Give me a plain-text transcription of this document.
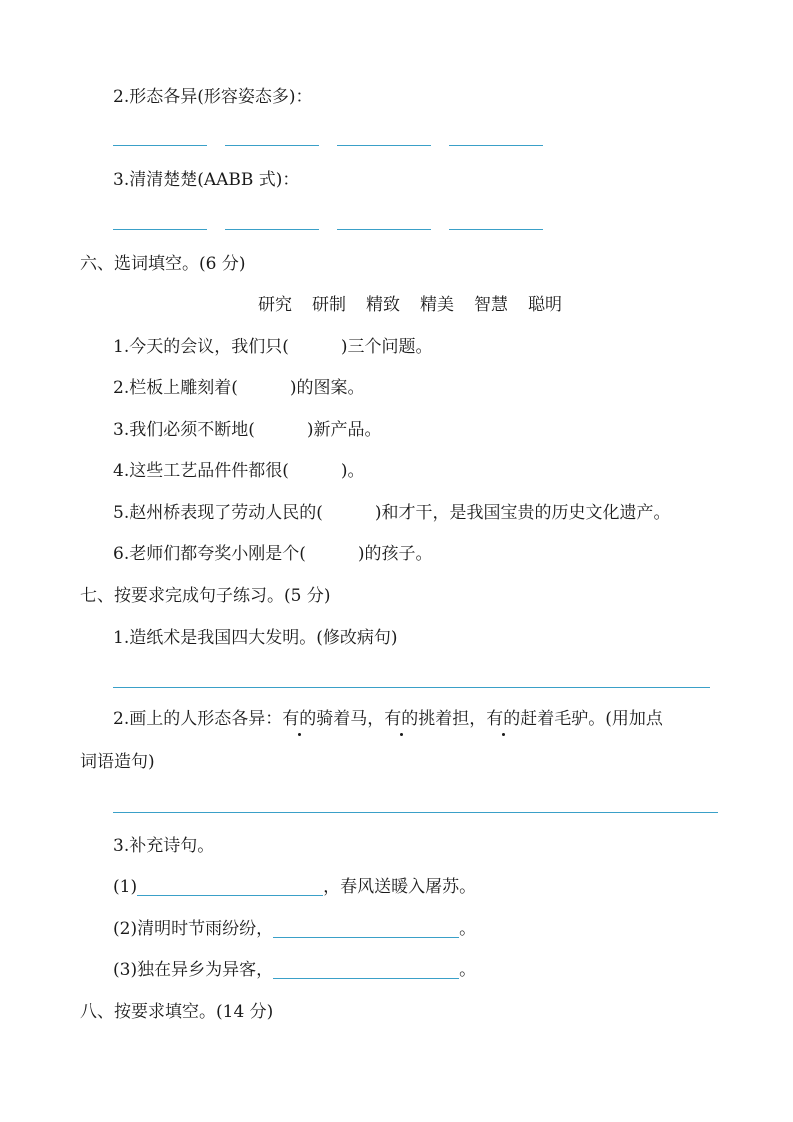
2.形态各异(形容姿态多)：
3.清清楚楚(AABB 式)：
六、选词填空。(6 分)
研究 研制 精致 精美 智慧 聪明
1.今天的会议，我们只(	)三个问题。
2.栏板上雕刻着(	)的图案。
3.我们必须不断地(	)新产品。
4.这些工艺品件件都很(	)。
5.赵州桥表现了劳动人民的(	)和才干，是我国宝贵的历史文化遗产。
6.老师们都夸奖小刚是个(	)的孩子。
七、按要求完成句子练习。(5 分)
1.造纸术是我国四大发明。(修改病句)
2.画上的人形态各异：有的骑着马，有的挑着担，有的赶着毛驴。(用加点
词语造句)
3.补充诗句。
(1)	，春风送暖入屠苏。
(2)清明时节雨纷纷，	。
(3)独在异乡为异客，	。
八、按要求填空。(14 分)
